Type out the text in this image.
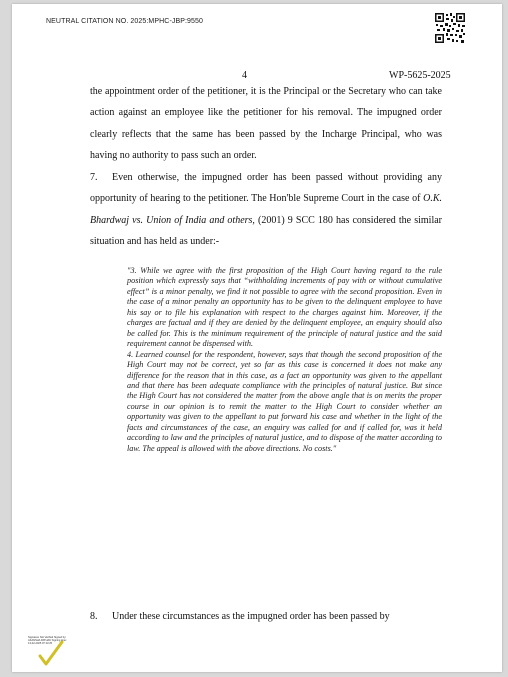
NEUTRAL CITATION NO. 2025:MPHC-JBP:9550
4	WP-5625-2025
the appointment order of the petitioner, it is the Principal or the Secretary who can take action against an employee like the petitioner for his removal. The impugned order clearly reflects that the same has been passed by the Incharge Principal, who was having no authority to pass such an order.
7. Even otherwise, the impugned order has been passed without providing any opportunity of hearing to the petitioner. The Hon'ble Supreme Court in the case of O.K. Bhardwaj vs. Union of India and others, (2001) 9 SCC 180 has considered the similar situation and has held as under:-

"3. While we agree with the first proposition of the High Court having regard to the rule position which expressly says that “withholding increments of pay with or without cumulative effect” is a minor penalty, we find it not possible to agree with the second proposition. Even in the case of a minor penalty an opportunity has to be given to the delinquent employee to have his say or to file his explanation with respect to the charges against him. Moreover, if the charges are factual and if they are denied by the delinquent employee, an enquiry should also be called for. This is the minimum requirement of the principle of natural justice and the said requirement cannot be dispensed with.

4. Learned counsel for the respondent, however, says that though the second proposition of the High Court may not be correct, yet so far as this case is concerned it does not make any difference for the reason that in this case, as a fact an opportunity was given to the appellant and that there has been adequate compliance with the principles of natural justice. But since the High Court has not considered the matter from the above angle that is on merits the proper course in our opinion is to remit the matter to the High Court to consider whether an opportunity was given to the appellant to put forward his case and whether in the light of the facts and circumstances of the case, an enquiry was called for and if called for, was it held according to law and the principles of natural justice, and to dispose of the matter according to law. The appeal is allowed with the above directions. No costs."

8. Under these circumstances as the impugned order has been passed by
Signature Not Verified Signed by: AKANSHA PATHAK Signing time: 13-02-2025 07:13:25
